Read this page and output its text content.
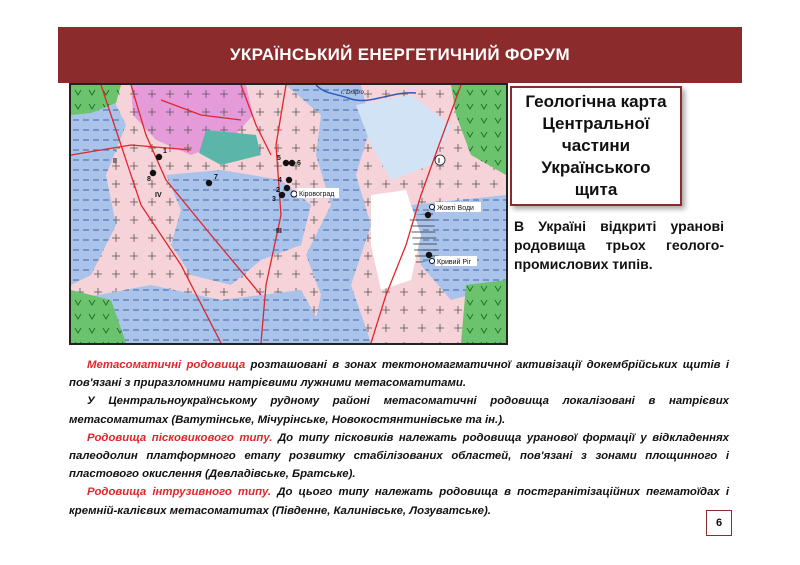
УКРАЇНСЬКИЙ ЕНЕРГЕТИЧНИЙ ФОРУМ
r. Dnipro
Кіровоград
Жовті Води
Кривий Ріг
5
6
4
2
3
7
8
1
I
II
III
IV
Геологічна карта Центральної частини Українського щита
В Україні відкриті уранові родовища трьох геолого-промислових типів.

Метасоматичні родовища розташовані в зонах тектономагматичної активізації докембрійських щитів і пов'язані з приразломними натрієвими лужними метасоматитами.

У Центральноукраїнському рудному районі метасоматичні родовища локалізовані в натрієвих метасоматитах (Ватутінське, Мічурінське, Новокостянтинівське та ін.).

Родовища пісковикового типу. До типу пісковиків належать родовища уранової формації у відкладеннях палеодолин платформного етапу розвитку стабілізованих областей, пов'язані з зонами площинного і пластового окислення (Девладівське, Братське).

Родовища інтрузивного типу. До цього типу належать родовища в постгранітізаційних пегматоїдах і кремній-калієвих метасоматитах (Південне, Калинівське, Лозуватське).

6
